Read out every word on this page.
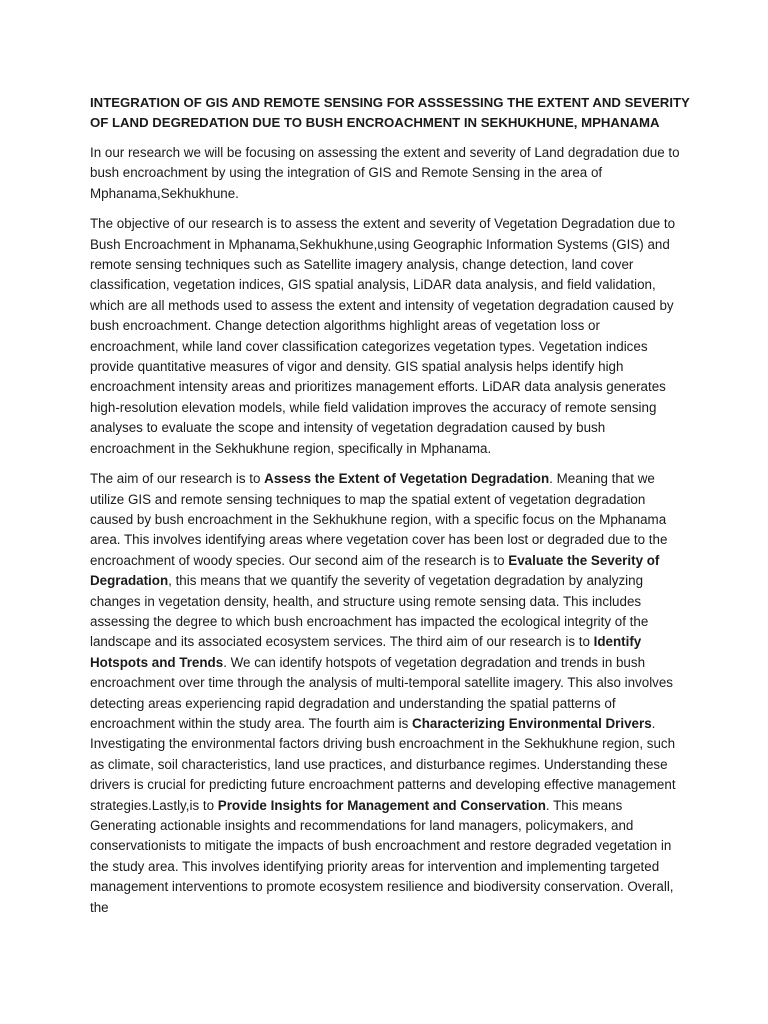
INTEGRATION OF GIS AND REMOTE SENSING FOR ASSSESSING THE EXTENT AND SEVERITY OF LAND DEGREDATION DUE TO BUSH ENCROACHMENT IN SEKHUKHUNE, MPHANAMA

In our research we will be focusing on assessing the extent and severity of Land degradation due to bush encroachment by using the integration of GIS and Remote Sensing in the area of Mphanama,Sekhukhune.

The objective of our research is to assess the extent and severity of Vegetation Degradation due to Bush Encroachment in Mphanama,Sekhukhune,using Geographic Information Systems (GIS) and remote sensing techniques such as Satellite imagery analysis, change detection, land cover classification, vegetation indices, GIS spatial analysis, LiDAR data analysis, and field validation, which are all methods used to assess the extent and intensity of vegetation degradation caused by bush encroachment. Change detection algorithms highlight areas of vegetation loss or encroachment, while land cover classification categorizes vegetation types. Vegetation indices provide quantitative measures of vigor and density. GIS spatial analysis helps identify high encroachment intensity areas and prioritizes management efforts. LiDAR data analysis generates high-resolution elevation models, while field validation improves the accuracy of remote sensing analyses to evaluate the scope and intensity of vegetation degradation caused by bush encroachment in the Sekhukhune region, specifically in Mphanama.

The aim of our research is to Assess the Extent of Vegetation Degradation. Meaning that we utilize GIS and remote sensing techniques to map the spatial extent of vegetation degradation caused by bush encroachment in the Sekhukhune region, with a specific focus on the Mphanama area. This involves identifying areas where vegetation cover has been lost or degraded due to the encroachment of woody species. Our second aim of the research is to Evaluate the Severity of Degradation, this means that we quantify the severity of vegetation degradation by analyzing changes in vegetation density, health, and structure using remote sensing data. This includes assessing the degree to which bush encroachment has impacted the ecological integrity of the landscape and its associated ecosystem services. The third aim of our research is to Identify Hotspots and Trends. We can identify hotspots of vegetation degradation and trends in bush encroachment over time through the analysis of multi-temporal satellite imagery. This also involves detecting areas experiencing rapid degradation and understanding the spatial patterns of encroachment within the study area. The fourth aim is Characterizing Environmental Drivers. Investigating the environmental factors driving bush encroachment in the Sekhukhune region, such as climate, soil characteristics, land use practices, and disturbance regimes. Understanding these drivers is crucial for predicting future encroachment patterns and developing effective management strategies.Lastly,is to Provide Insights for Management and Conservation. This means Generating actionable insights and recommendations for land managers, policymakers, and conservationists to mitigate the impacts of bush encroachment and restore degraded vegetation in the study area. This involves identifying priority areas for intervention and implementing targeted management interventions to promote ecosystem resilience and biodiversity conservation. Overall, the
